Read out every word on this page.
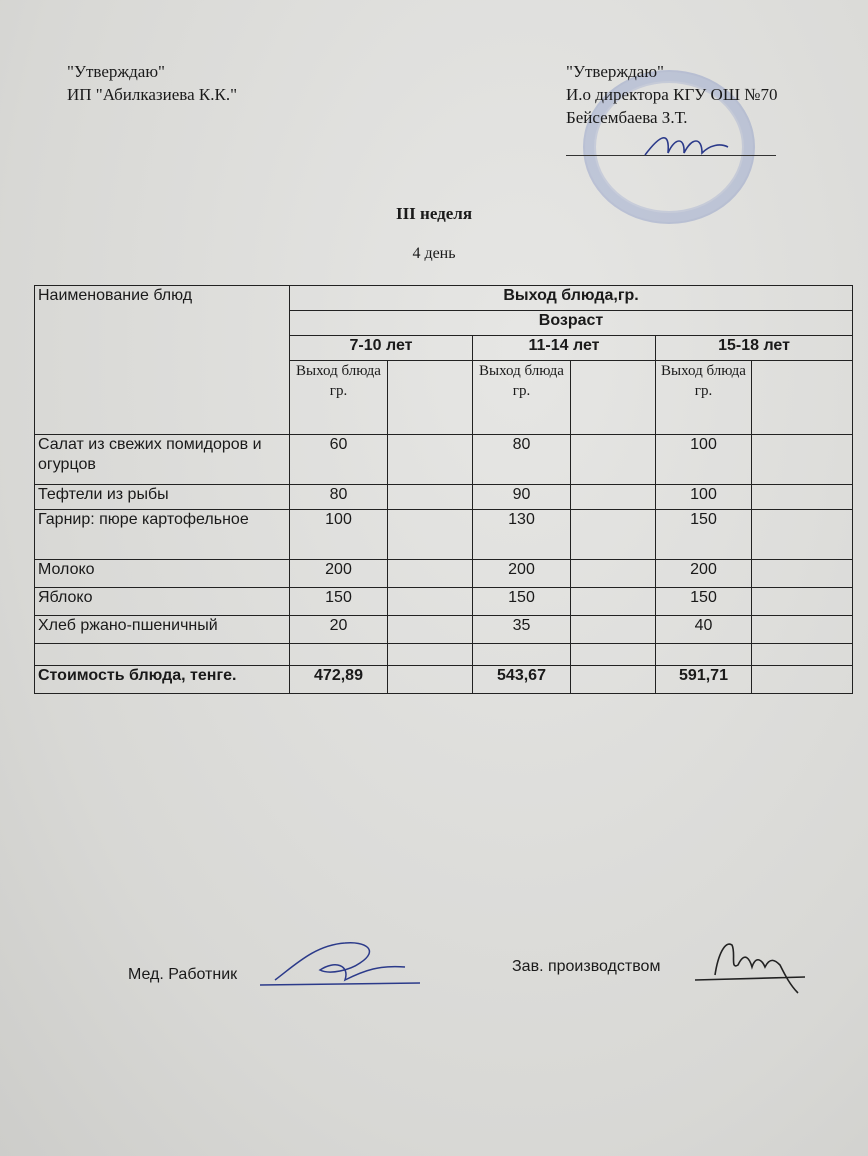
"Утверждаю"
ИП "Абилказиева К.К."
"Утверждаю"
И.о директора КГУ ОШ №70
Бейсембаева З.Т.
III неделя
4 день
Наименование блюд	Выход блюда,гр.					
	Возраст					
	7-10 лет		11-14 лет		15-18 лет	
	Выход блюда гр.		Выход блюда гр.		Выход блюда гр.	
Салат из свежих помидоров и огурцов	60		80		100	
Тефтели из рыбы	80		90		100	
Гарнир: пюре картофельное	100		130		150	
Молоко	200		200		200	
Яблоко	150		150		150	
Хлеб ржано-пшеничный	20		35		40	

Стоимость блюда, тенге.	472,89		543,67		591,71	
Мед. Работник	Зав. производством
